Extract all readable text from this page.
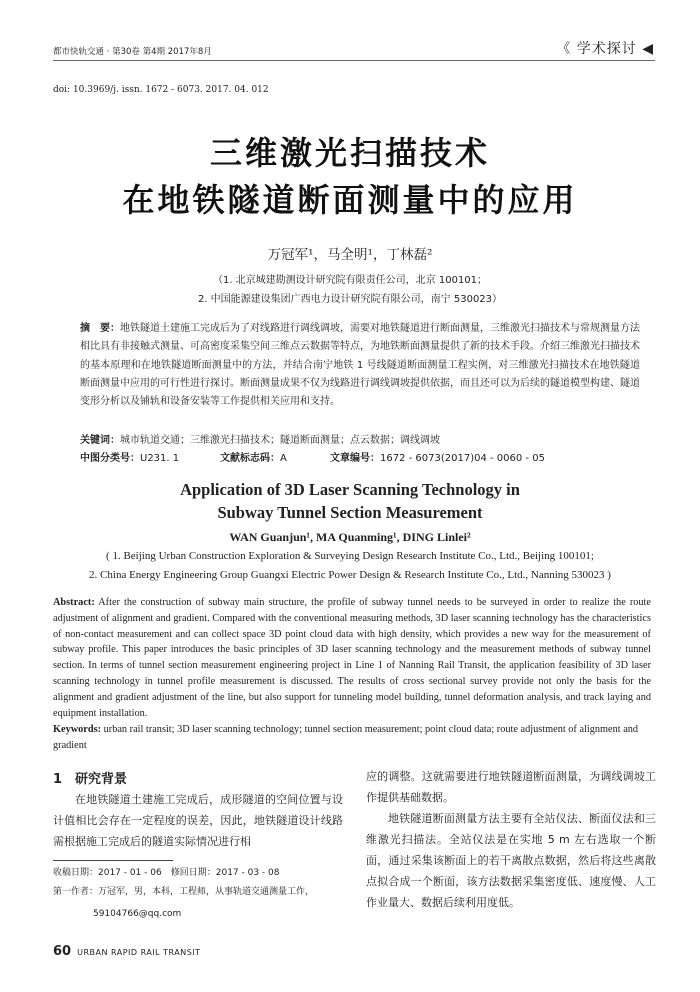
都市快轨交通 · 第30卷 第4期 2017年8月	《 学术探讨 ◀
doi: 10.3969/j. issn. 1672 - 6073. 2017. 04. 012
三维激光扫描技术
在地铁隧道断面测量中的应用
万冠军¹，马全明¹，丁林磊²
（1. 北京城建勘测设计研究院有限责任公司，北京 100101；
2. 中国能源建设集团广西电力设计研究院有限公司，南宁 530023）
摘　要：地铁隧道土建施工完成后为了对线路进行调线调坡，需要对地铁隧道进行断面测量，三维激光扫描技术与常规测量方法相比具有非接触式测量、可高密度采集空间三维点云数据等特点，为地铁断面测量提供了新的技术手段。介绍三维激光扫描技术的基本原理和在地铁隧道断面测量中的方法，并结合南宁地铁 1 号线隧道断面测量工程实例，对三维激光扫描技术在地铁隧道断面测量中应用的可行性进行探讨。断面测量成果不仅为线路进行调线调坡提供依据，而且还可以为后续的隧道模型构建、隧道变形分析以及铺轨和设备安装等工作提供相关应用和支持。
关键词：城市轨道交通；三维激光扫描技术；隧道断面测量；点云数据；调线调坡
中图分类号：U231. 1	文献标志码：A	文章编号：1672 - 6073(2017)04 - 0060 - 05
Application of 3D Laser Scanning Technology in
Subway Tunnel Section Measurement
WAN Guanjun¹, MA Quanming¹, DING Linlei²
( 1. Beijing Urban Construction Exploration & Surveying Design Research Institute Co., Ltd., Beijing 100101;
2. China Energy Engineering Group Guangxi Electric Power Design & Research Institute Co., Ltd., Nanning 530023 )
Abstract: After the construction of subway main structure, the profile of subway tunnel needs to be surveyed in order to realize the route adjustment of alignment and gradient. Compared with the conventional measuring methods, 3D laser scanning technology has the characteristics of non-contact measurement and can collect space 3D point cloud data with high density, which provides a new way for the measurement of subway profile. This paper introduces the basic principles of 3D laser scanning technology and the measurement methods of subway tunnel section. In terms of tunnel section measurement engineering project in Line 1 of Nanning Rail Transit, the application feasibility of 3D laser scanning technology in tunnel profile measurement is discussed. The results of cross sectional survey provide not only the basis for the alignment and gradient adjustment of the line, but also support for tunneling model building, tunnel deformation analysis, and track laying and equipment installation.
Keywords: urban rail transit; 3D laser scanning technology; tunnel section measurement; point cloud data; route adjustment of alignment and gradient
1 研究背景

在地铁隧道土建施工完成后，成形隧道的空间位置与设计值相比会存在一定程度的误差，因此，地铁隧道设计线路需根据施工完成后的隧道实际情况进行相

应的调整。这就需要进行地铁隧道断面测量，为调线调坡工作提供基础数据。

地铁隧道断面测量方法主要有全站仪法、断面仪法和三维激光扫描法。全站仪法是在实地 5 m 左右选取一个断面，通过采集该断面上的若干离散点数据，然后将这些离散点拟合成一个断面，该方法数据采集密度低、速度慢、人工作业量大、数据后续利用度低。

收稿日期：2017 - 01 - 06　修回日期：2017 - 03 - 08
第一作者：万冠军，男，本科，工程师，从事轨道交通测量工作，
59104766@qq.com
60 URBAN RAPID RAIL TRANSIT
